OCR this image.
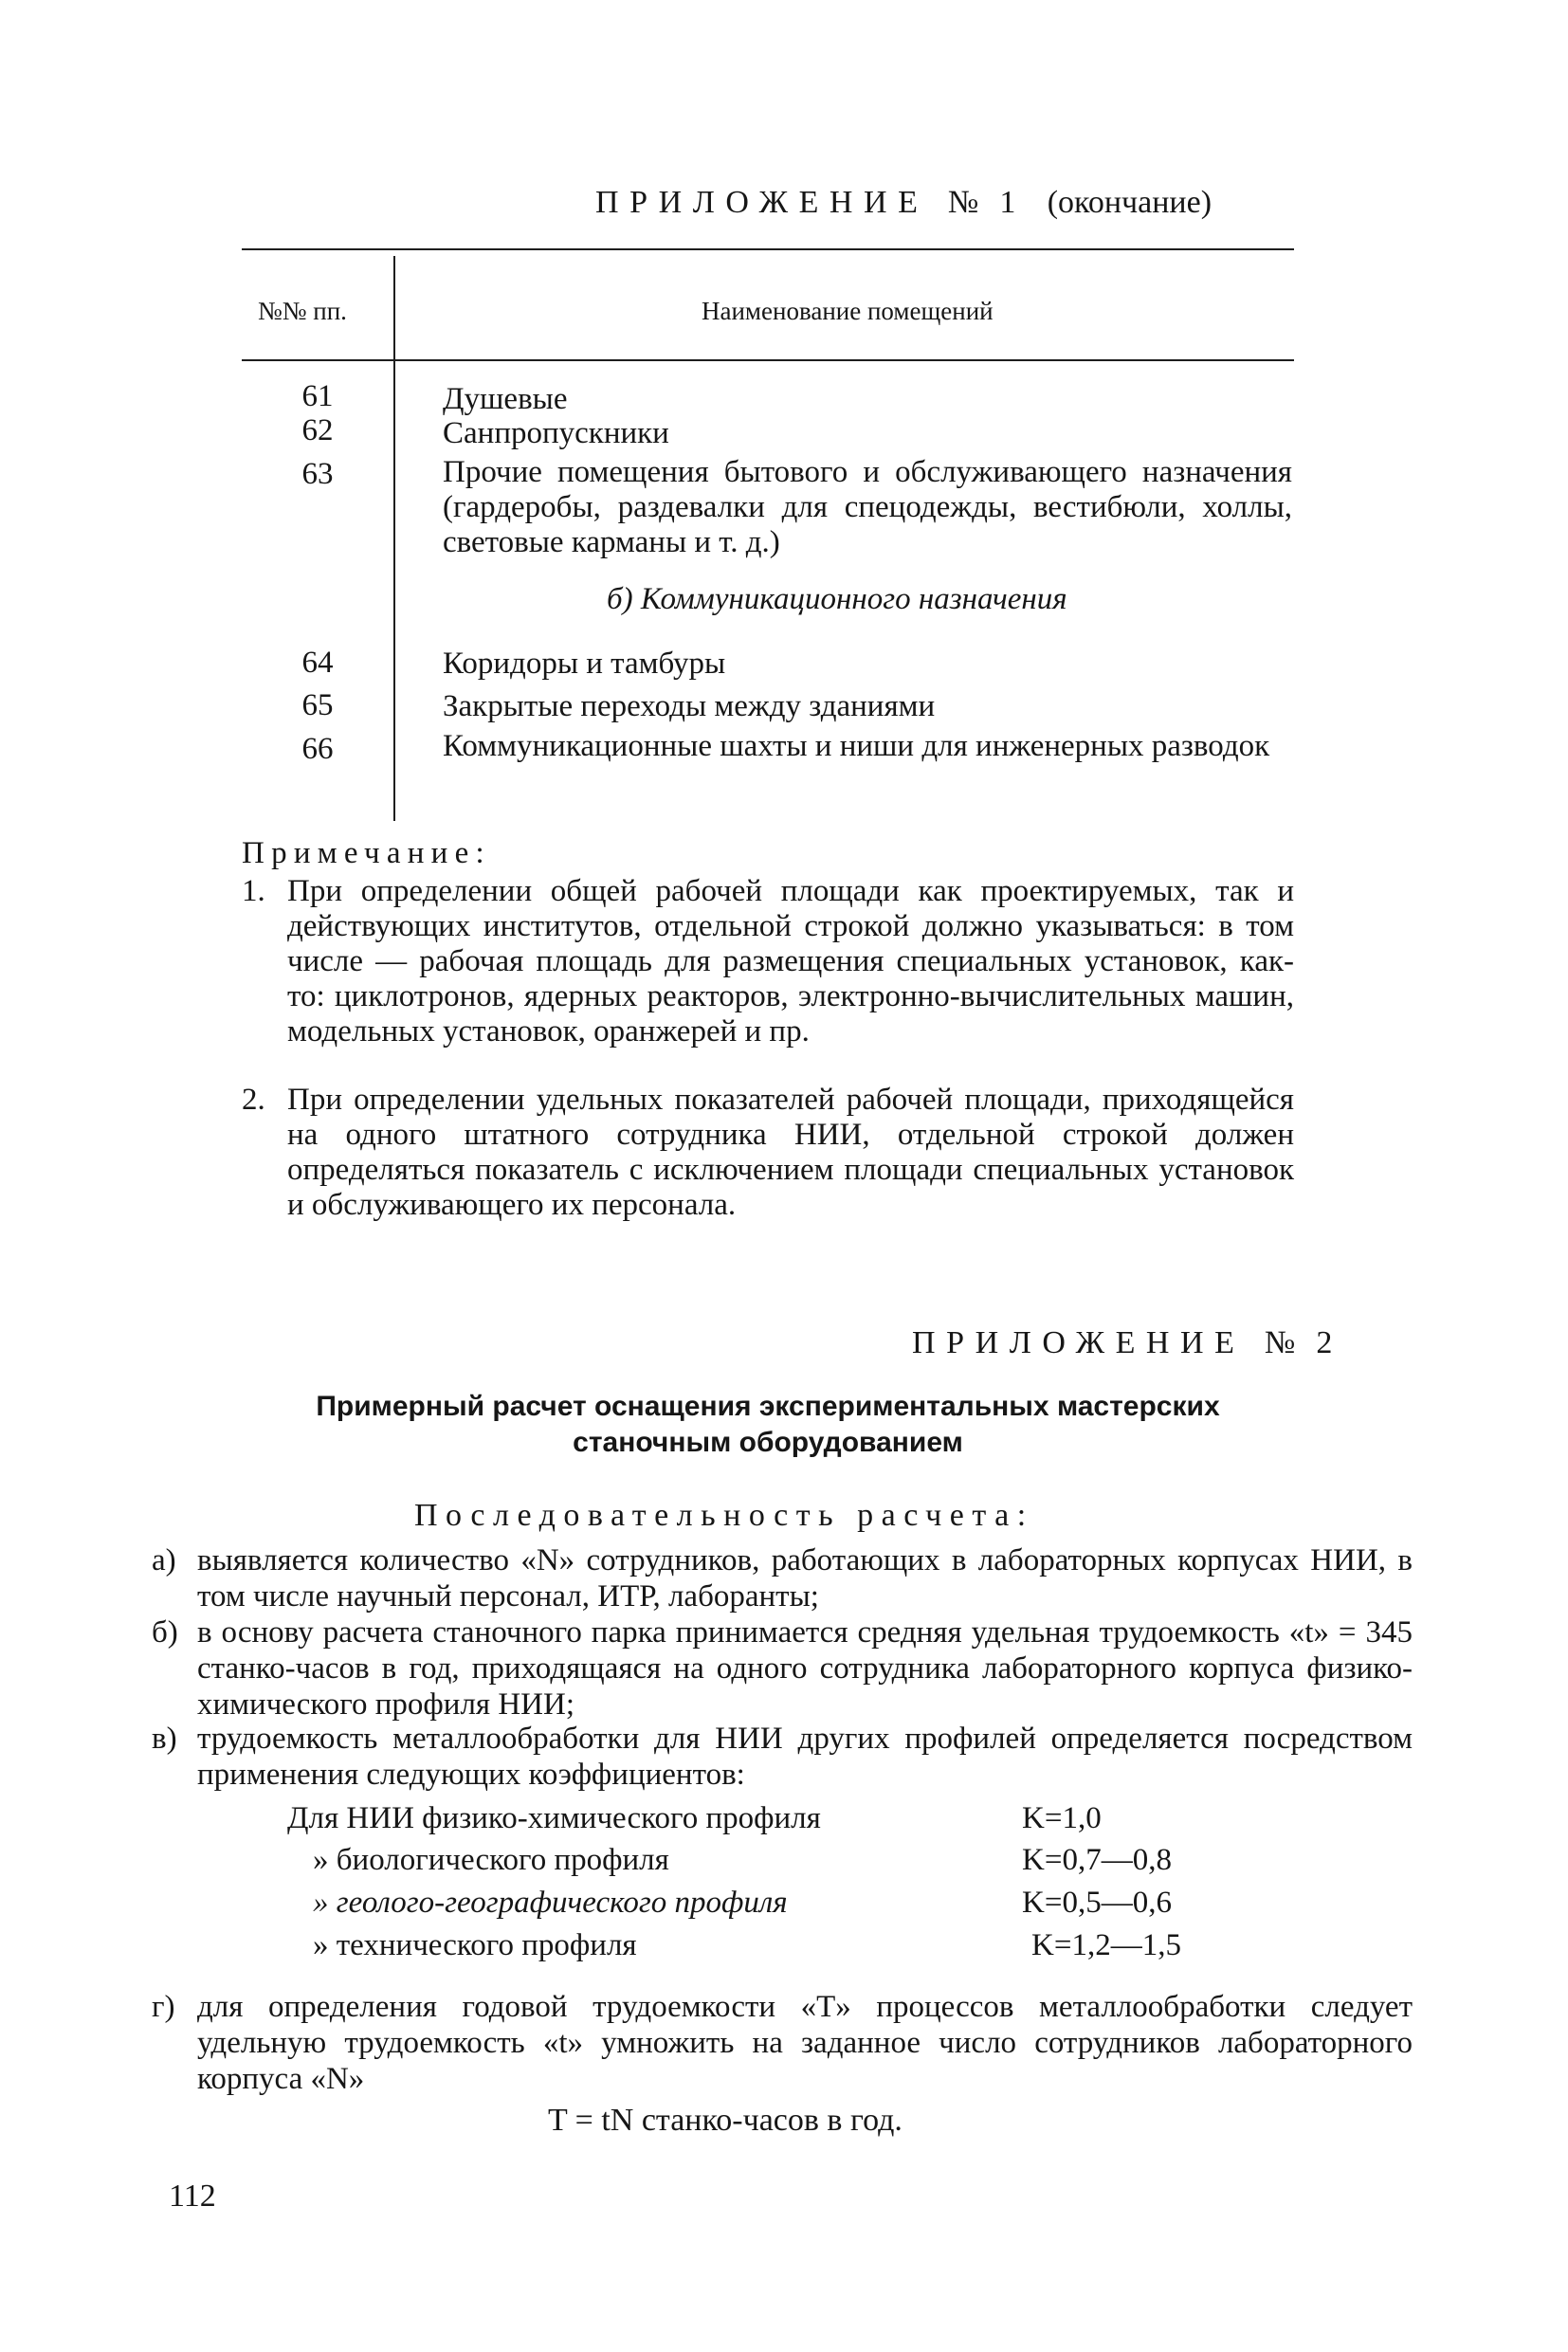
ПРИЛОЖЕНИЕ № 1 (окончание)
№№ пп.	Наименование помещений
61	Душевые
62	Санпропускники
63	Прочие помещения бытового и обслуживающего назначения (гардеробы, раздевалки для спецодежды, вестибюли, холлы, световые карманы и т. д.)
б) Коммуникационного назначения
64	Коридоры и тамбуры
65	Закрытые переходы между зданиями
66	Коммуникационные шахты и ниши для инженерных разводок
Примечание:
1. При определении общей рабочей площади как проектируемых, так и действующих институтов, отдельной строкой должно указываться: в том числе — рабочая площадь для размещения специальных установок, как-то: циклотронов, ядерных реакторов, электронно-вычислительных машин, модельных установок, оранжерей и пр.
2. При определении удельных показателей рабочей площади, приходящейся на одного штатного сотрудника НИИ, отдельной строкой должен определяться показатель с исключением площади специальных установок и обслуживающего их персонала.
ПРИЛОЖЕНИЕ № 2
Примерный расчет оснащения экспериментальных мастерских
станочным оборудованием
Последовательность расчета:
а) выявляется количество «N» сотрудников, работающих в лабораторных корпусах НИИ, в том числе научный персонал, ИТР, лаборанты;
б) в основу расчета станочного парка принимается средняя удельная трудоемкость «t» = 345 станко-часов в год, приходящаяся на одного сотрудника лабораторного корпуса физико-химического профиля НИИ;
в) трудоемкость металлообработки для НИИ других профилей определяется посредством применения следующих коэффициентов:
Для НИИ физико-химического профиля	K=1,0
» биологического профиля	K=0,7—0,8
» геолого-географического профиля	K=0,5—0,6
» технического профиля	K=1,2—1,5
г) для определения годовой трудоемкости «T» процессов металлообработки следует удельную трудоемкость «t» умножить на заданное число сотрудников лабораторного корпуса «N»
T = tN станко-часов в год.
112
